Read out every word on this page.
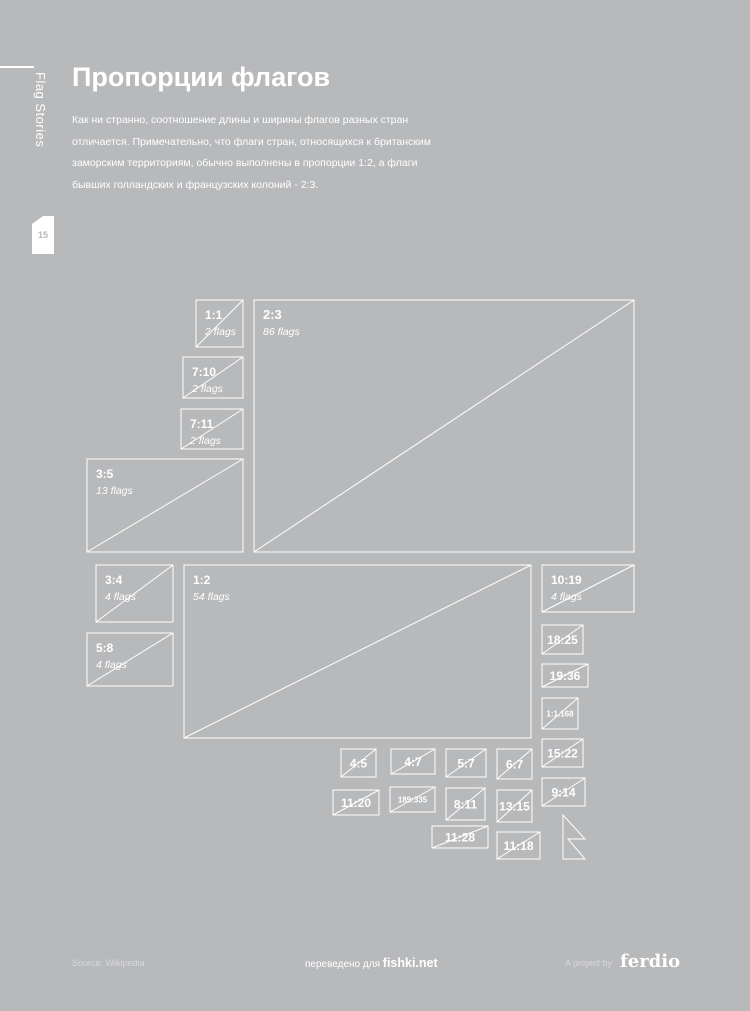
Flag Stories
15
Пропорции флагов

Как ни странно, соотношение длины и ширины флагов разных стран
отличается. Примечательно, что флаги стран, относящихся к британским
заморским территориям, обычно выполнены в пропорции 1:2, а флаги
бывших голландских и французских колоний - 2:3.

1:1
2 flags
2:3
86 flags
7:10
2 flags
7:11
2 flags
3:5
13 flags
3:4
4 flags
1:2
54 flags
10:19
4 flags
5:8
4 flags
18:25
19:36
1:1.168
15:22
9:14
4:5	4:7	5:7	6:7
11:20	189:335 8:11 13:15
11:28
11:18
Source: Wikipedia	переведено для fishki.net	A project by ferdio
